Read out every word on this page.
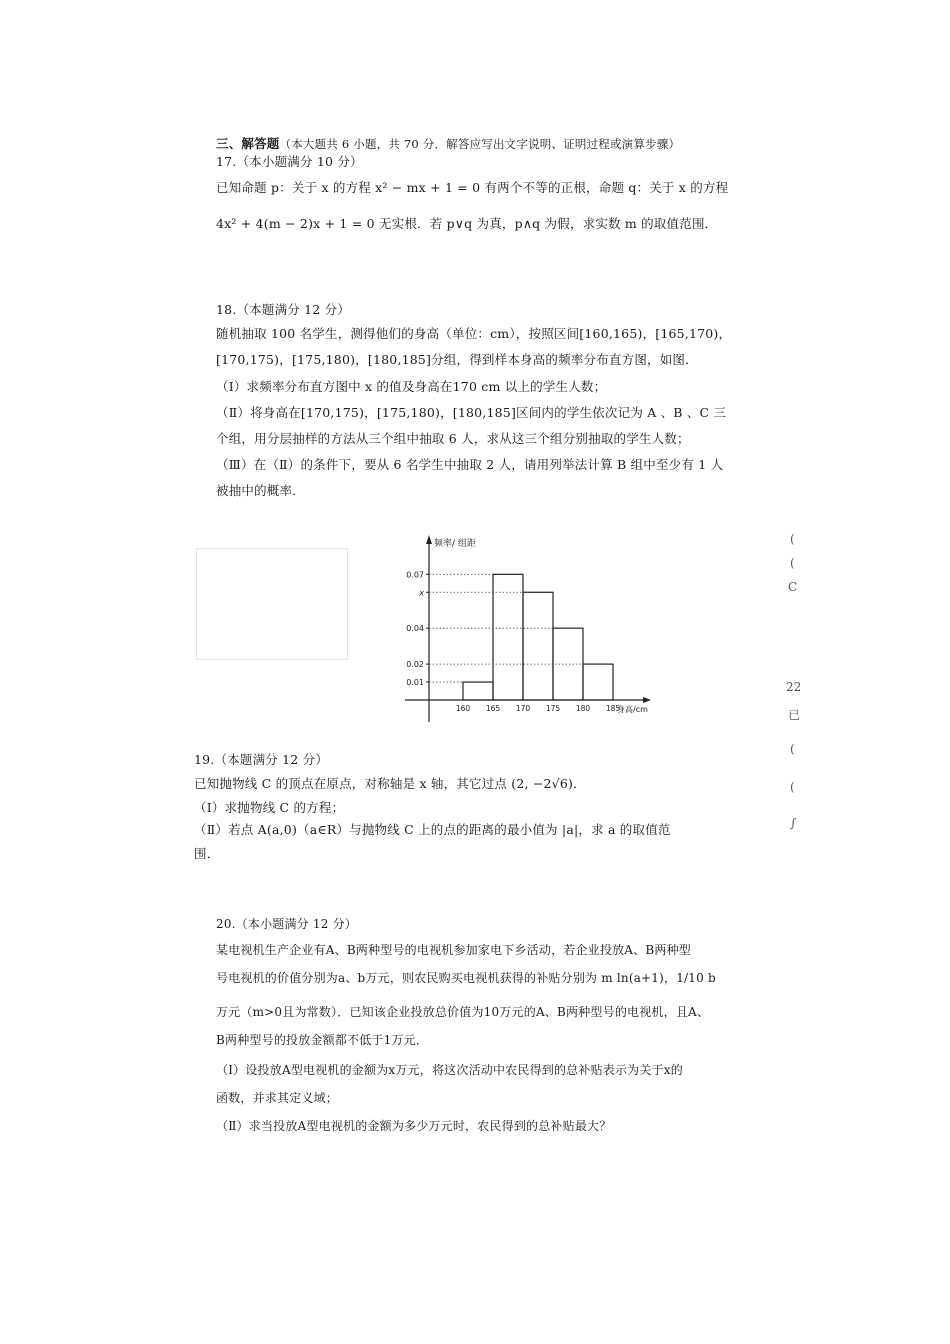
三、解答题（本大题共 6 小题，共 70 分．解答应写出文字说明、证明过程或演算步骤）
17.（本小题满分 10 分）
已知命题 p：关于 x 的方程 x² − mx + 1 = 0 有两个不等的正根，命题 q：关于 x 的方程
4x² + 4(m − 2)x + 1 = 0 无实根．若 p∨q 为真，p∧q 为假，求实数 m 的取值范围．
18.（本题满分 12 分）
随机抽取 100 名学生，测得他们的身高（单位：cm），按照区间[160,165)，[165,170)，
[170,175)，[175,180)，[180,185]分组，得到样本身高的频率分布直方图，如图．
（Ⅰ）求频率分布直方图中 x 的值及身高在170 cm 以上的学生人数；
（Ⅱ）将身高在[170,175)，[175,180)，[180,185]区间内的学生依次记为 A 、B 、C 三
个组，用分层抽样的方法从三个组中抽取 6 人，求从这三个组分别抽取的学生人数；
（Ⅲ）在（Ⅱ）的条件下，要从 6 名学生中抽取 2 人，请用列举法计算 B 组中至少有 1 人
被抽中的概率．
频率/ 组距
0.07
x
0.04
0.02
0.01
160 165 170 175 180 185
身高/cm
19.（本题满分 12 分）
已知抛物线 C 的顶点在原点，对称轴是 x 轴，其它过点 (2, −2√6)．
（Ⅰ）求抛物线 C 的方程；
（Ⅱ）若点 A(a,0)（a∈R）与抛物线 C 上的点的距离的最小值为 |a|，求 a 的取值范
围．
20.（本小题满分 12 分）
某电视机生产企业有A、B两种型号的电视机参加家电下乡活动，若企业投放A、B两种型
号电视机的价值分别为a、b万元，则农民购买电视机获得的补贴分别为 m ln(a+1)，1/10 b
万元（m>0且为常数）．已知该企业投放总价值为10万元的A、B两种型号的电视机，且A、
B两种型号的投放金额都不低于1万元．
（Ⅰ）设投放A型电视机的金额为x万元，将这次活动中农民得到的总补贴表示为关于x的
函数，并求其定义域；
（Ⅱ）求当投放A型电视机的金额为多少万元时，农民得到的总补贴最大？
(
(
C
22
已
(
(
∫
